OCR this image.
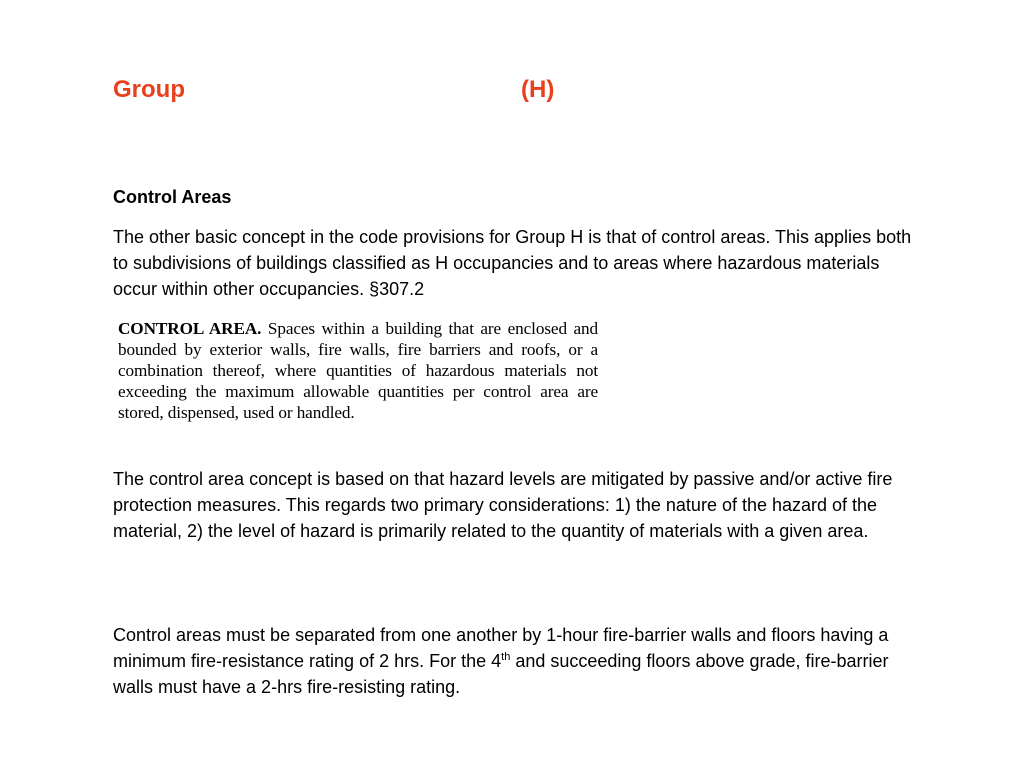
Group	(H)
Control Areas
The other basic concept in the code provisions for Group H is that of control areas. This applies both to subdivisions of buildings classified as H occupancies and to areas where hazardous materials occur within other occupancies. §307.2
CONTROL AREA. Spaces within a building that are enclosed and bounded by exterior walls, fire walls, fire barriers and roofs, or a combination thereof, where quantities of hazardous materials not exceeding the maximum allowable quantities per control area are stored, dispensed, used or handled.
The control area concept is based on that hazard levels are mitigated by passive and/or active fire protection measures. This regards two primary considerations: 1) the nature of the hazard of the material, 2) the level of hazard is primarily related to the quantity of materials with a given area.
Control areas must be separated from one another by 1-hour fire-barrier walls and floors having a minimum fire-resistance rating of 2 hrs. For the 4th and succeeding floors above grade, fire-barrier walls must have a 2-hrs fire-resisting rating.
